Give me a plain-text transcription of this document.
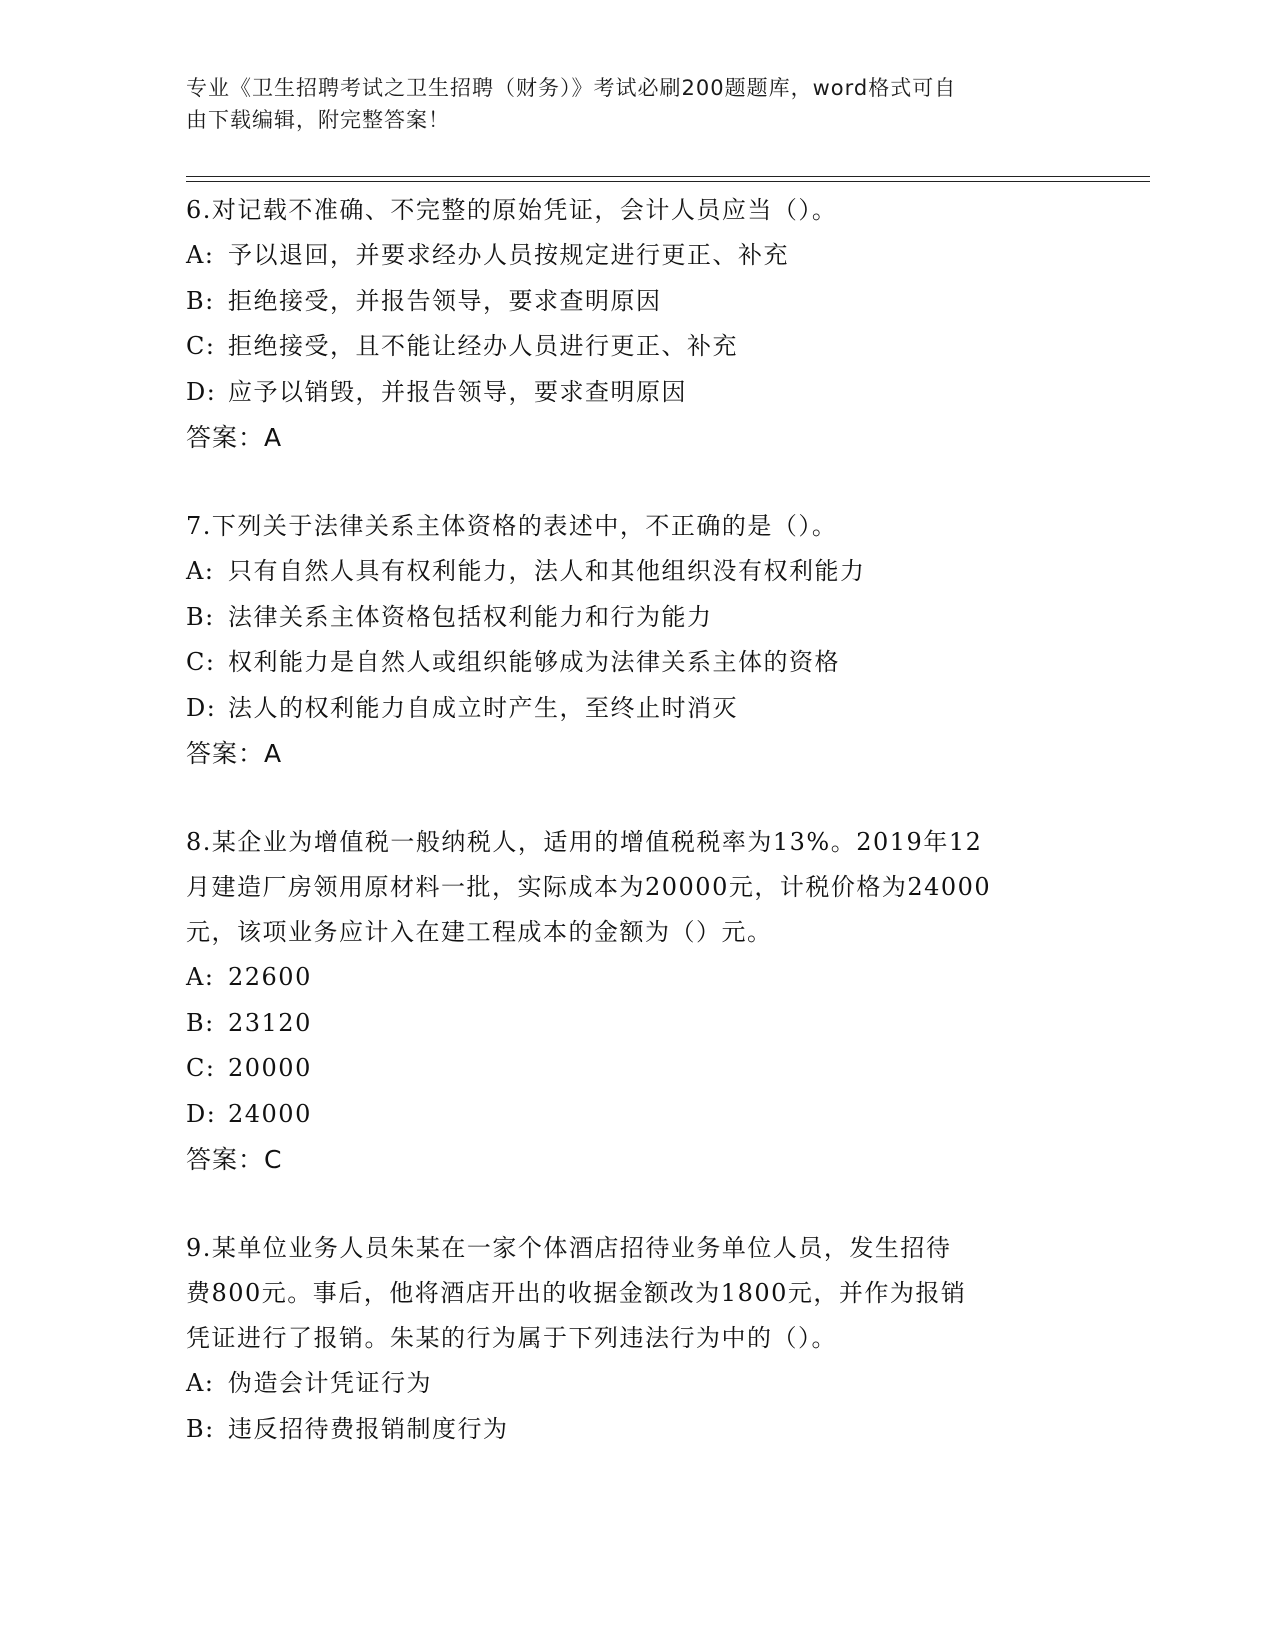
专业《卫生招聘考试之卫生招聘（财务）》考试必刷200题题库，word格式可自
由下载编辑，附完整答案！

6.对记载不准确、不完整的原始凭证，会计人员应当（）。

A: 予以退回，并要求经办人员按规定进行更正、补充

B: 拒绝接受，并报告领导，要求查明原因

C: 拒绝接受，且不能让经办人员进行更正、补充

D: 应予以销毁，并报告领导，要求查明原因

答案：A

7.下列关于法律关系主体资格的表述中，不正确的是（）。

A: 只有自然人具有权利能力，法人和其他组织没有权利能力

B: 法律关系主体资格包括权利能力和行为能力

C: 权利能力是自然人或组织能够成为法律关系主体的资格

D: 法人的权利能力自成立时产生，至终止时消灭

答案：A

8.某企业为增值税一般纳税人，适用的增值税税率为13%。2019年12

月建造厂房领用原材料一批，实际成本为20000元，计税价格为24000

元，该项业务应计入在建工程成本的金额为（）元。

A: 22600

B: 23120

C: 20000

D: 24000

答案：C

9.某单位业务人员朱某在一家个体酒店招待业务单位人员，发生招待

费800元。事后，他将酒店开出的收据金额改为1800元，并作为报销

凭证进行了报销。朱某的行为属于下列违法行为中的（）。

A: 伪造会计凭证行为

B: 违反招待费报销制度行为
